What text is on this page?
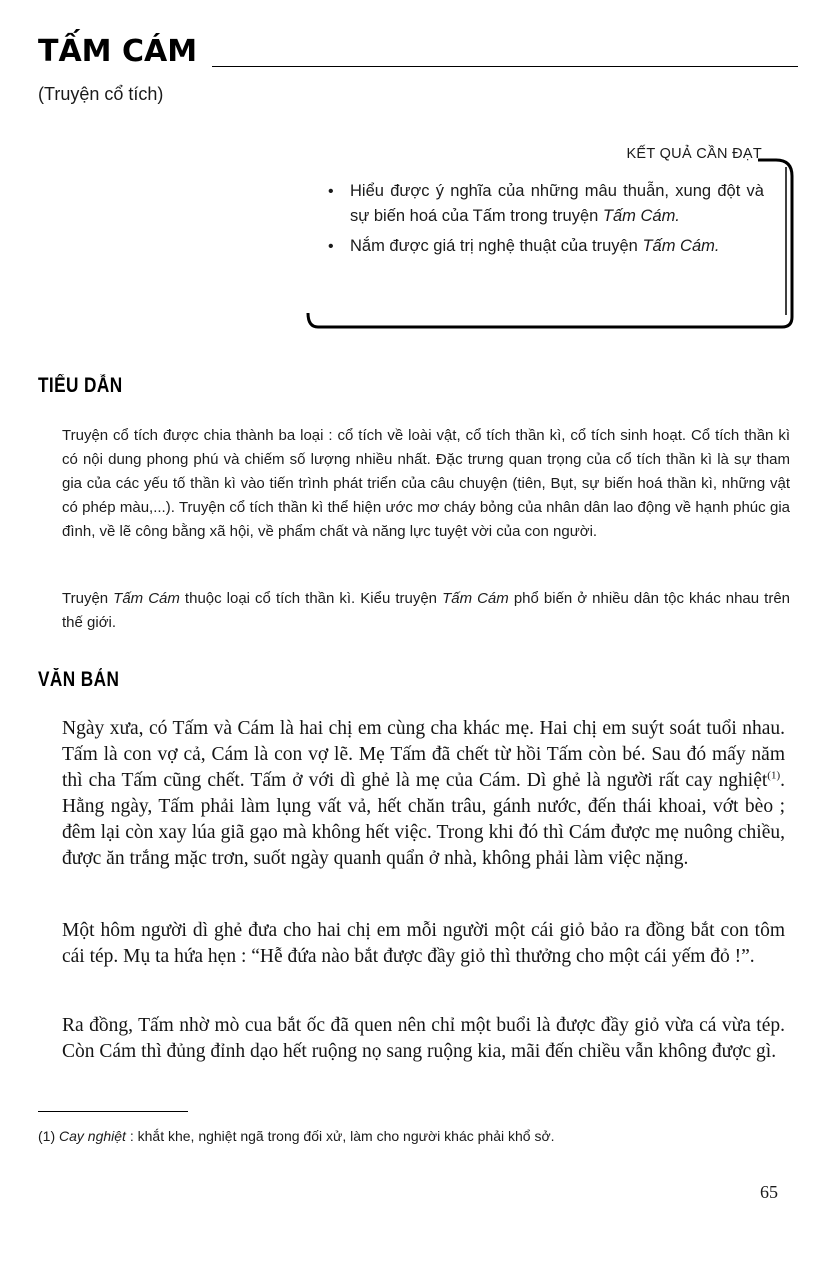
TẤM CÁM
(Truyện cổ tích)
KẾT QUẢ CẦN ĐẠT
• Hiểu được ý nghĩa của những mâu thuẫn, xung đột và sự biến hoá của Tấm trong truyện Tấm Cám.
• Nắm được giá trị nghệ thuật của truyện Tấm Cám.
TIỂU DẪN

Truyện cổ tích được chia thành ba loại : cổ tích về loài vật, cổ tích thần kì, cổ tích sinh hoạt. Cổ tích thần kì có nội dung phong phú và chiếm số lượng nhiều nhất. Đặc trưng quan trọng của cổ tích thần kì là sự tham gia của các yếu tố thần kì vào tiến trình phát triển của câu chuyện (tiên, Bụt, sự biến hoá thần kì, những vật có phép màu,...). Truyện cổ tích thần kì thể hiện ước mơ cháy bỏng của nhân dân lao động về hạnh phúc gia đình, về lẽ công bằng xã hội, về phẩm chất và năng lực tuyệt vời của con người.

Truyện Tấm Cám thuộc loại cổ tích thần kì. Kiểu truyện Tấm Cám phổ biến ở nhiều dân tộc khác nhau trên thế giới.

VĂN BẢN

Ngày xưa, có Tấm và Cám là hai chị em cùng cha khác mẹ. Hai chị em suýt soát tuổi nhau. Tấm là con vợ cả, Cám là con vợ lẽ. Mẹ Tấm đã chết từ hồi Tấm còn bé. Sau đó mấy năm thì cha Tấm cũng chết. Tấm ở với dì ghẻ là mẹ của Cám. Dì ghẻ là người rất cay nghiệt$^{(1)}$. Hằng ngày, Tấm phải làm lụng vất vả, hết chăn trâu, gánh nước, đến thái khoai, vớt bèo ; đêm lại còn xay lúa giã gạo mà không hết việc. Trong khi đó thì Cám được mẹ nuông chiều, được ăn trắng mặc trơn, suốt ngày quanh quẩn ở nhà, không phải làm việc nặng.

Một hôm người dì ghẻ đưa cho hai chị em mỗi người một cái giỏ bảo ra đồng bắt con tôm cái tép. Mụ ta hứa hẹn : “Hễ đứa nào bắt được đầy giỏ thì thưởng cho một cái yếm đỏ !”.

Ra đồng, Tấm nhờ mò cua bắt ốc đã quen nên chỉ một buổi là được đầy giỏ vừa cá vừa tép. Còn Cám thì đủng đỉnh dạo hết ruộng nọ sang ruộng kia, mãi đến chiều vẫn không được gì.

(1) Cay nghiệt : khắt khe, nghiệt ngã trong đối xử, làm cho người khác phải khổ sở.

65
